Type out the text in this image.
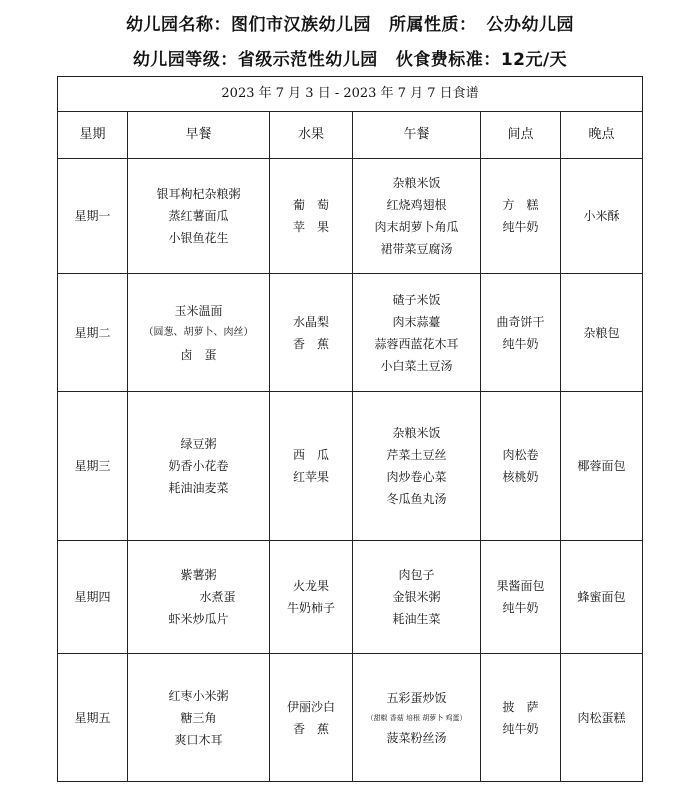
幼儿园名称：图们市汉族幼儿园 所属性质： 公办幼儿园
幼儿园等级：省级示范性幼儿园 伙食费标准：12元/天
2023 年 7 月 3 日 - 2023 年 7 月 7 日食谱					
星期	早餐	水果	午餐	间点	晚点
星期一	银耳枸杞杂粮粥
蒸红薯面瓜
小银鱼花生	葡　萄
苹　果	杂粮米饭
红烧鸡翅根
肉末胡萝卜角瓜
裙带菜豆腐汤	方　糕
纯牛奶	小米酥

星期二	玉米温面
（圆葱、胡萝卜、肉丝）
卤　蛋	水晶梨
香　蕉	碴子米饭
肉末蒜薹
蒜蓉西蓝花木耳
小白菜土豆汤	曲奇饼干
纯牛奶	杂粮包

星期三	绿豆粥
奶香小花卷
耗油油麦菜	西　瓜
红苹果	杂粮米饭
芹菜土豆丝
肉炒卷心菜
冬瓜鱼丸汤	肉松卷
核桃奶	椰蓉面包

星期四	紫薯粥
水煮蛋
虾米炒瓜片	火龙果
牛奶柿子	肉包子
金银米粥
耗油生菜	果酱面包
纯牛奶	蜂蜜面包

星期五	红枣小米粥
糖三角
爽口木耳	伊丽沙白
香　蕉	五彩蛋炒饭
（甜椒 香菇 培根 胡萝卜 鸡蛋）
菠菜粉丝汤	披　萨
纯牛奶	肉松蛋糕
